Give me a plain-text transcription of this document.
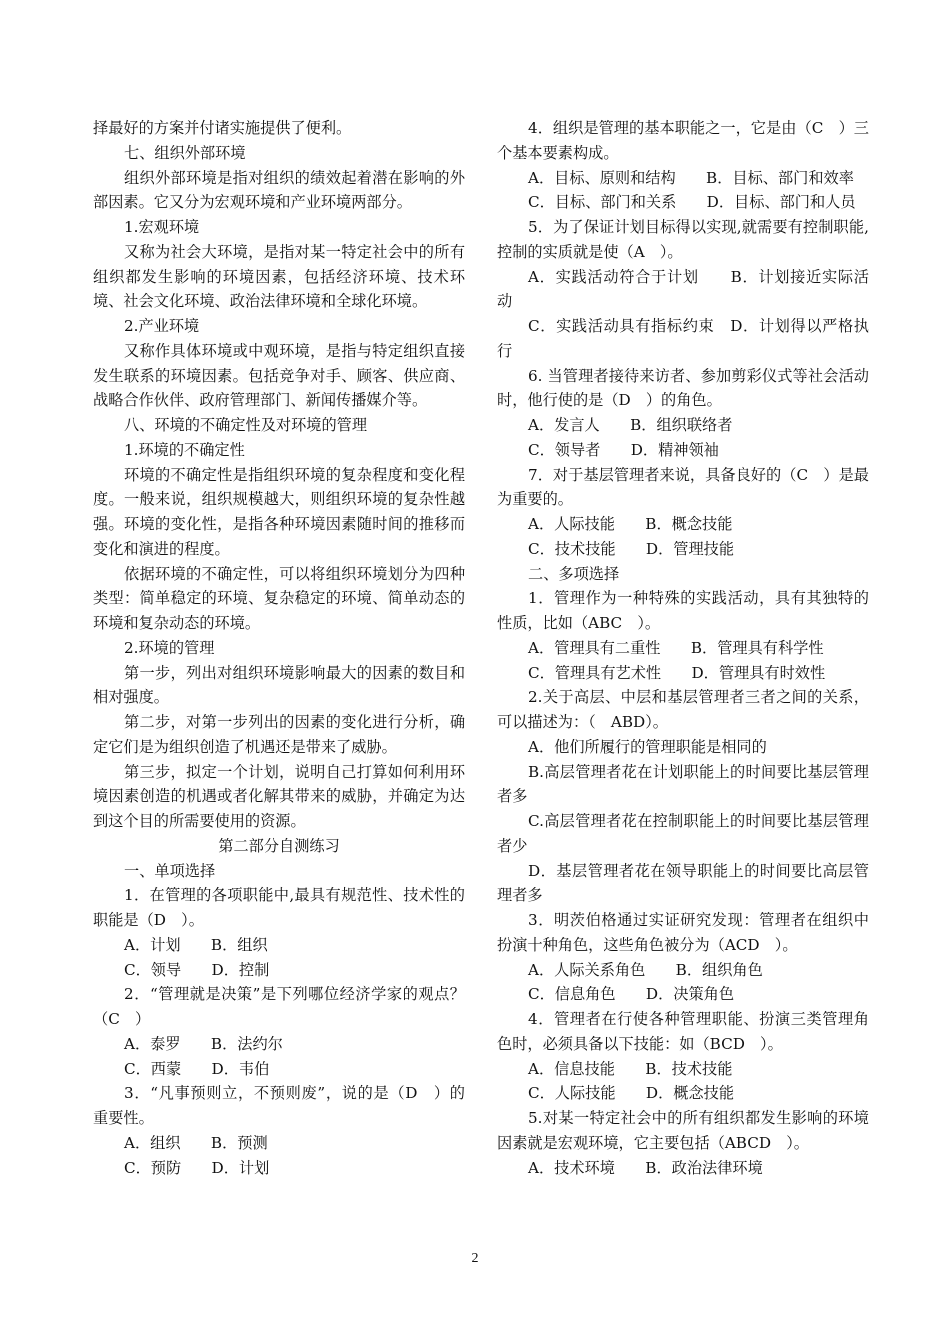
择最好的方案并付诸实施提供了便利。

七、组织外部环境

组织外部环境是指对组织的绩效起着潜在影响的外部因素。它又分为宏观环境和产业环境两部分。

1.宏观环境

又称为社会大环境，是指对某一特定社会中的所有组织都发生影响的环境因素，包括经济环境、技术环境、社会文化环境、政治法律环境和全球化环境。

2.产业环境

又称作具体环境或中观环境，是指与特定组织直接发生联系的环境因素。包括竞争对手、顾客、供应商、战略合作伙伴、政府管理部门、新闻传播媒介等。

八、环境的不确定性及对环境的管理

1.环境的不确定性

环境的不确定性是指组织环境的复杂程度和变化程度。一般来说，组织规模越大，则组织环境的复杂性越强。环境的变化性，是指各种环境因素随时间的推移而变化和演进的程度。

依据环境的不确定性，可以将组织环境划分为四种类型：简单稳定的环境、复杂稳定的环境、简单动态的环境和复杂动态的环境。

2.环境的管理

第一步，列出对组织环境影响最大的因素的数目和相对强度。

第二步，对第一步列出的因素的变化进行分析，确定它们是为组织创造了机遇还是带来了威胁。

第三步，拟定一个计划，说明自己打算如何利用环境因素创造的机遇或者化解其带来的威胁，并确定为达到这个目的所需要使用的资源。

第二部分自测练习

一、单项选择

1．在管理的各项职能中,最具有规范性、技术性的职能是（D　）。

A．计划　　B．组织

C．领导　　D．控制

2．“管理就是决策”是下列哪位经济学家的观点？（C　）

A．泰罗　　B．法约尔

C．西蒙　　D．韦伯

3．“凡事预则立，不预则废”，说的是（D　）的重要性。

A．组织　　B．预测

C．预防　　D．计划

4．组织是管理的基本职能之一，它是由（C　）三个基本要素构成。

A．目标、原则和结构　　B．目标、部门和效率

C．目标、部门和关系　　D．目标、部门和人员

5．为了保证计划目标得以实现,就需要有控制职能,控制的实质就是使（A　）。

A．实践活动符合于计划　　B．计划接近实际活动

C．实践活动具有指标约束　D．计划得以严格执行

6. 当管理者接待来访者、参加剪彩仪式等社会活动时，他行使的是（D　）的角色。

A．发言人　　B．组织联络者

C．领导者　　D．精神领袖

7．对于基层管理者来说，具备良好的（C　）是最为重要的。

A．人际技能　　B．概念技能

C．技术技能　　D．管理技能

二、多项选择

1．管理作为一种特殊的实践活动，具有其独特的性质，比如（ABC　）。

A．管理具有二重性　　B．管理具有科学性

C．管理具有艺术性　　D．管理具有时效性

2.关于高层、中层和基层管理者三者之间的关系，可以描述为：（　ABD）。

A．他们所履行的管理职能是相同的

B.高层管理者花在计划职能上的时间要比基层管理者多

C.高层管理者花在控制职能上的时间要比基层管理者少

D．基层管理者花在领导职能上的时间要比高层管理者多

3．明茨伯格通过实证研究发现：管理者在组织中扮演十种角色，这些角色被分为（ACD　）。

A．人际关系角色　　B．组织角色

C．信息角色　　D．决策角色

4．管理者在行使各种管理职能、扮演三类管理角色时，必须具备以下技能：如（BCD　）。

A．信息技能　　B．技术技能

C．人际技能　　D．概念技能

5.对某一特定社会中的所有组织都发生影响的环境因素就是宏观环境，它主要包括（ABCD　）。

A．技术环境　　B．政治法律环境

2
